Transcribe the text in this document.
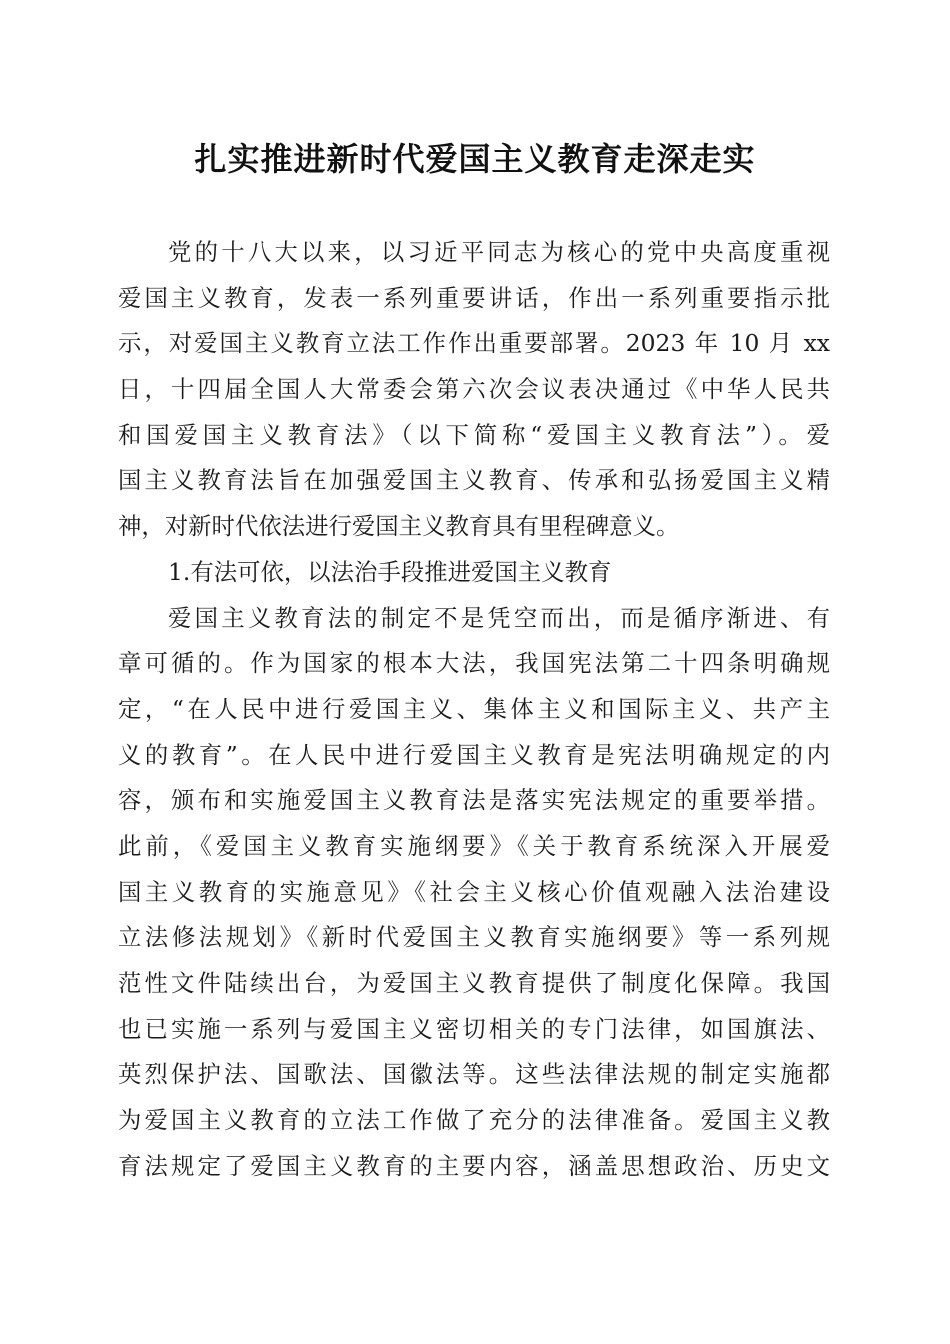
扎实推进新时代爱国主义教育走深走实

党的十八大以来，以习近平同志为核心的党中央高度重视

爱国主义教育，发表一系列重要讲话，作出一系列重要指示批

示，对爱国主义教育立法工作作出重要部署。2023 年 10 月 xx

日，十四届全国人大常委会第六次会议表决通过《中华人民共

和国爱国主义教育法》（以下简称“爱国主义教育法”）。爱

国主义教育法旨在加强爱国主义教育、传承和弘扬爱国主义精

神，对新时代依法进行爱国主义教育具有里程碑意义。

1.有法可依，以法治手段推进爱国主义教育

爱国主义教育法的制定不是凭空而出，而是循序渐进、有

章可循的。作为国家的根本大法，我国宪法第二十四条明确规

定，“在人民中进行爱国主义、集体主义和国际主义、共产主

义的教育”。在人民中进行爱国主义教育是宪法明确规定的内

容，颁布和实施爱国主义教育法是落实宪法规定的重要举措。

此前，《爱国主义教育实施纲要》《关于教育系统深入开展爱

国主义教育的实施意见》《社会主义核心价值观融入法治建设

立法修法规划》《新时代爱国主义教育实施纲要》等一系列规

范性文件陆续出台，为爱国主义教育提供了制度化保障。我国

也已实施一系列与爱国主义密切相关的专门法律，如国旗法、

英烈保护法、国歌法、国徽法等。这些法律法规的制定实施都

为爱国主义教育的立法工作做了充分的法律准备。爱国主义教

育法规定了爱国主义教育的主要内容，涵盖思想政治、历史文
